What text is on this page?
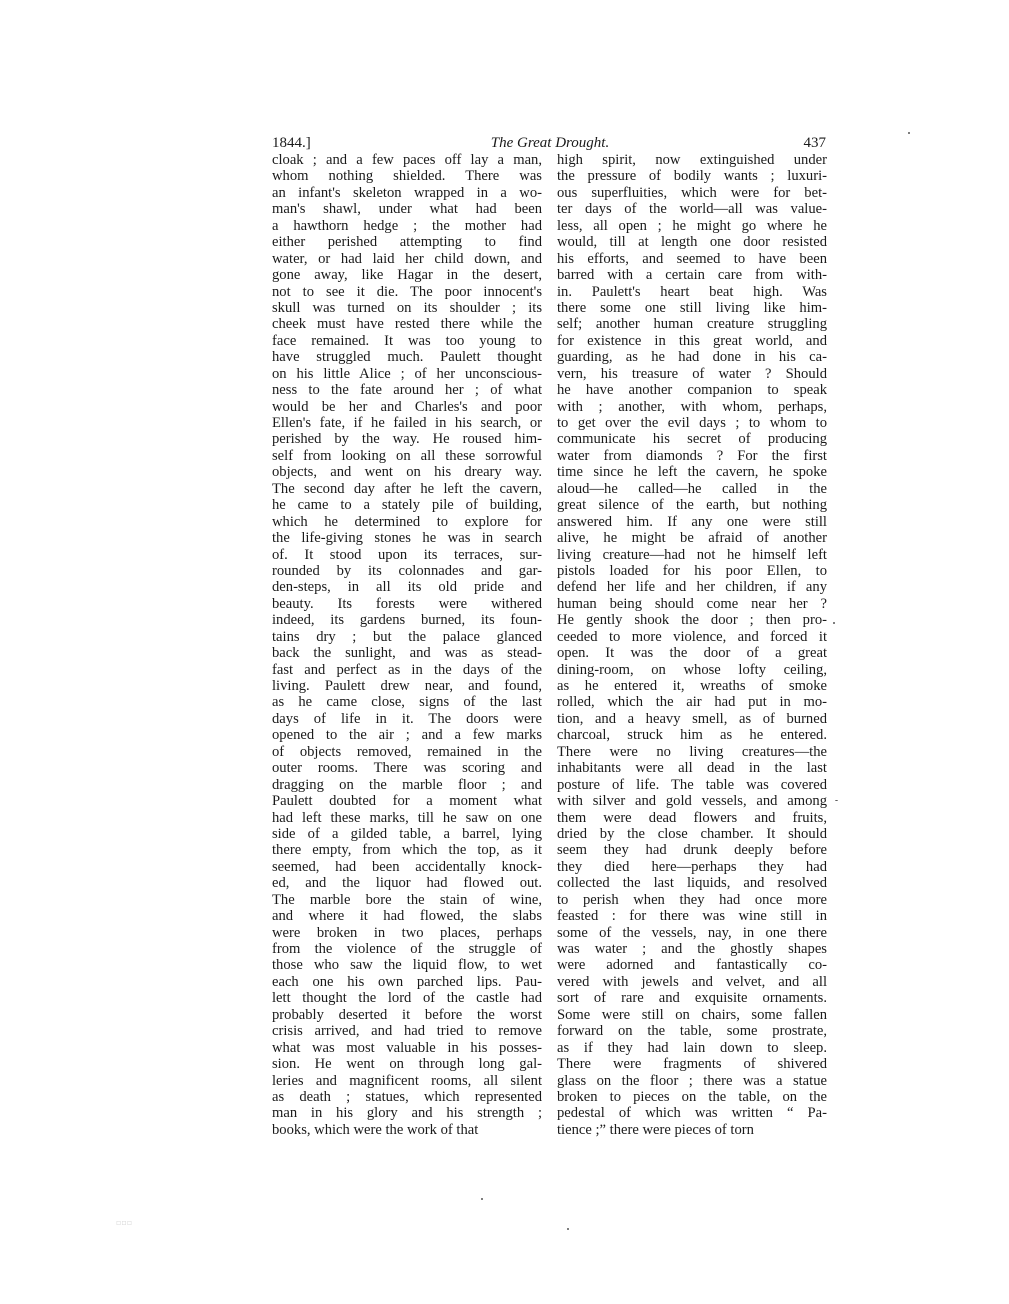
1844.]	The Great Drought.	437
cloak ; and a few paces off lay a man,
whom nothing shielded. There was
an infant's skeleton wrapped in a wo-
man's shawl, under what had been
a hawthorn hedge ; the mother had
either perished attempting to find
water, or had laid her child down, and
gone away, like Hagar in the desert,
not to see it die. The poor innocent's
skull was turned on its shoulder ; its
cheek must have rested there while the
face remained. It was too young to
have struggled much. Paulett thought
on his little Alice ; of her unconscious-
ness to the fate around her ; of what
would be her and Charles's and poor
Ellen's fate, if he failed in his search, or
perished by the way. He roused him-
self from looking on all these sorrowful
objects, and went on his dreary way.
The second day after he left the cavern,
he came to a stately pile of building,
which he determined to explore for
the life-giving stones he was in search
of. It stood upon its terraces, sur-
rounded by its colonnades and gar-
den-steps, in all its old pride and
beauty. Its forests were withered
indeed, its gardens burned, its foun-
tains dry ; but the palace glanced
back the sunlight, and was as stead-
fast and perfect as in the days of the
living. Paulett drew near, and found,
as he came close, signs of the last
days of life in it. The doors were
opened to the air ; and a few marks
of objects removed, remained in the
outer rooms. There was scoring and
dragging on the marble floor ; and
Paulett doubted for a moment what
had left these marks, till he saw on one
side of a gilded table, a barrel, lying
there empty, from which the top, as it
seemed, had been accidentally knock-
ed, and the liquor had flowed out.
The marble bore the stain of wine,
and where it had flowed, the slabs
were broken in two places, perhaps
from the violence of the struggle of
those who saw the liquid flow, to wet
each one his own parched lips. Pau-
lett thought the lord of the castle had
probably deserted it before the worst
crisis arrived, and had tried to remove
what was most valuable in his posses-
sion. He went on through long gal-
leries and magnificent rooms, all silent
as death ; statues, which represented
man in his glory and his strength ;
books, which were the work of that
high spirit, now extinguished under
the pressure of bodily wants ; luxuri-
ous superfluities, which were for bet-
ter days of the world—all was value-
less, all open ; he might go where he
would, till at length one door resisted
his efforts, and seemed to have been
barred with a certain care from with-
in. Paulett's heart beat high. Was
there some one still living like him-
self; another human creature struggling
for existence in this great world, and
guarding, as he had done in his ca-
vern, his treasure of water ? Should
he have another companion to speak
with ; another, with whom, perhaps,
to get over the evil days ; to whom to
communicate his secret of producing
water from diamonds ? For the first
time since he left the cavern, he spoke
aloud—he called—he called in the
great silence of the earth, but nothing
answered him. If any one were still
alive, he might be afraid of another
living creature—had not he himself left
pistols loaded for his poor Ellen, to
defend her life and her children, if any
human being should come near her ?
He gently shook the door ; then pro-
ceeded to more violence, and forced it
open. It was the door of a great
dining-room, on whose lofty ceiling,
as he entered it, wreaths of smoke
rolled, which the air had put in mo-
tion, and a heavy smell, as of burned
charcoal, struck him as he entered.
There were no living creatures—the
inhabitants were all dead in the last
posture of life. The table was covered
with silver and gold vessels, and among
them were dead flowers and fruits,
dried by the close chamber. It should
seem they had drunk deeply before
they died here—perhaps they had
collected the last liquids, and resolved
to perish when they had once more
feasted : for there was wine still in
some of the vessels, nay, in one there
was water ; and the ghostly shapes
were adorned and fantastically co-
vered with jewels and velvet, and all
sort of rare and exquisite ornaments.
Some were still on chairs, some fallen
forward on the table, some prostrate,
as if they had lain down to sleep.
There were fragments of shivered
glass on the floor ; there was a statue
broken to pieces on the table, on the
pedestal of which was written “ Pa-
tience ;” there were pieces of torn
▫▫▫
